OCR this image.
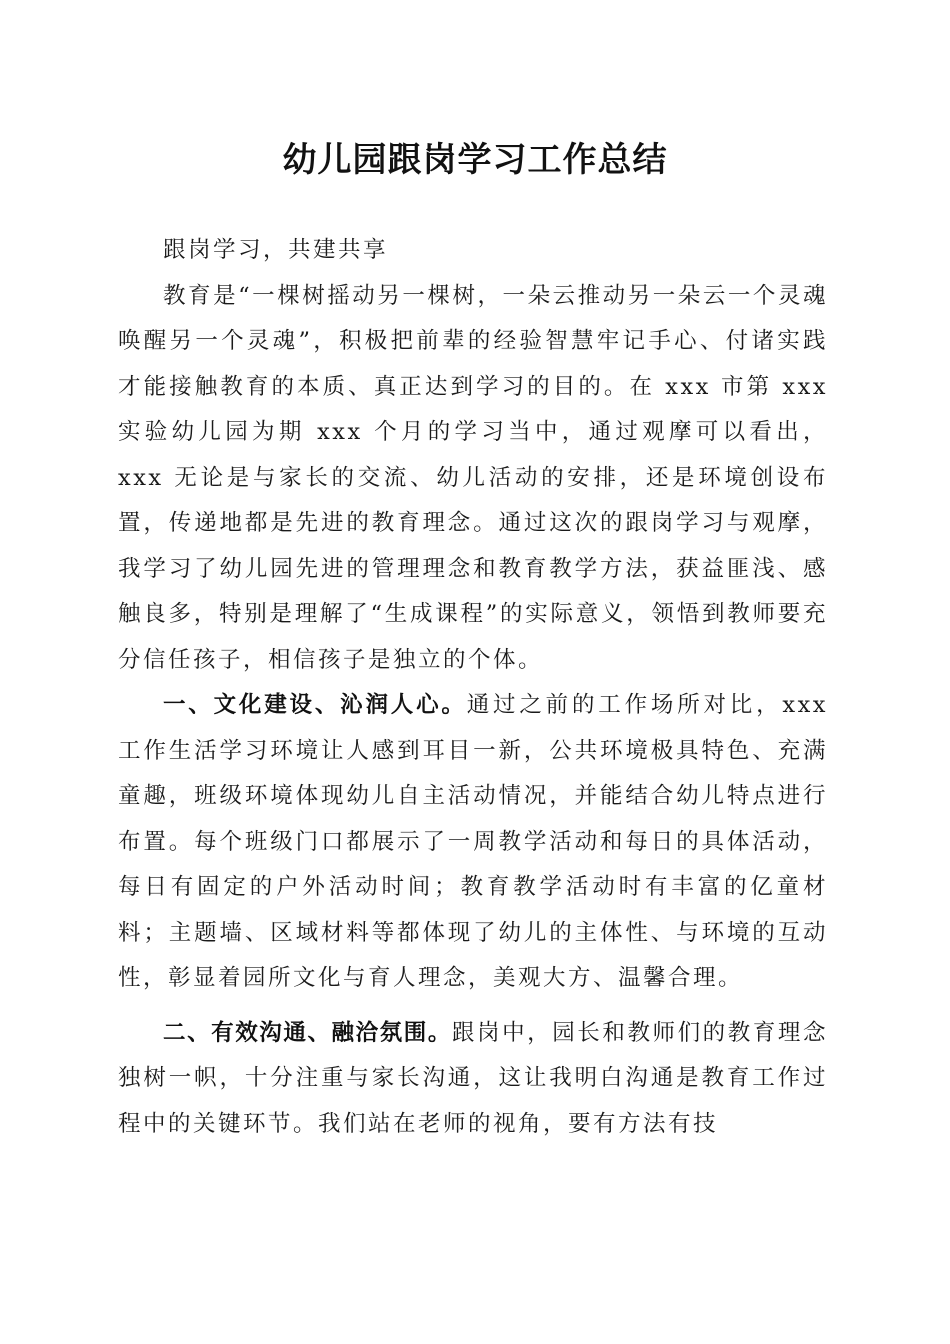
幼儿园跟岗学习工作总结

跟岗学习，共建共享

教育是“一棵树摇动另一棵树，一朵云推动另一朵云一个灵魂唤醒另一个灵魂”，积极把前辈的经验智慧牢记手心、付诸实践才能接触教育的本质、真正达到学习的目的。在 xxx 市第 xxx 实验幼儿园为期 xxx 个月的学习当中，通过观摩可以看出，xxx 无论是与家长的交流、幼儿活动的安排，还是环境创设布置，传递地都是先进的教育理念。通过这次的跟岗学习与观摩，我学习了幼儿园先进的管理理念和教育教学方法，获益匪浅、感触良多，特别是理解了“生成课程”的实际意义，领悟到教师要充分信任孩子，相信孩子是独立的个体。

一、文化建设、沁润人心。通过之前的工作场所对比，xxx 工作生活学习环境让人感到耳目一新，公共环境极具特色、充满童趣，班级环境体现幼儿自主活动情况，并能结合幼儿特点进行布置。每个班级门口都展示了一周教学活动和每日的具体活动，每日有固定的户外活动时间；教育教学活动时有丰富的亿童材料；主题墙、区域材料等都体现了幼儿的主体性、与环境的互动性，彰显着园所文化与育人理念，美观大方、温馨合理。

二、有效沟通、融洽氛围。跟岗中，园长和教师们的教育理念独树一帜，十分注重与家长沟通，这让我明白沟通是教育工作过程中的关键环节。我们站在老师的视角，要有方法有技
